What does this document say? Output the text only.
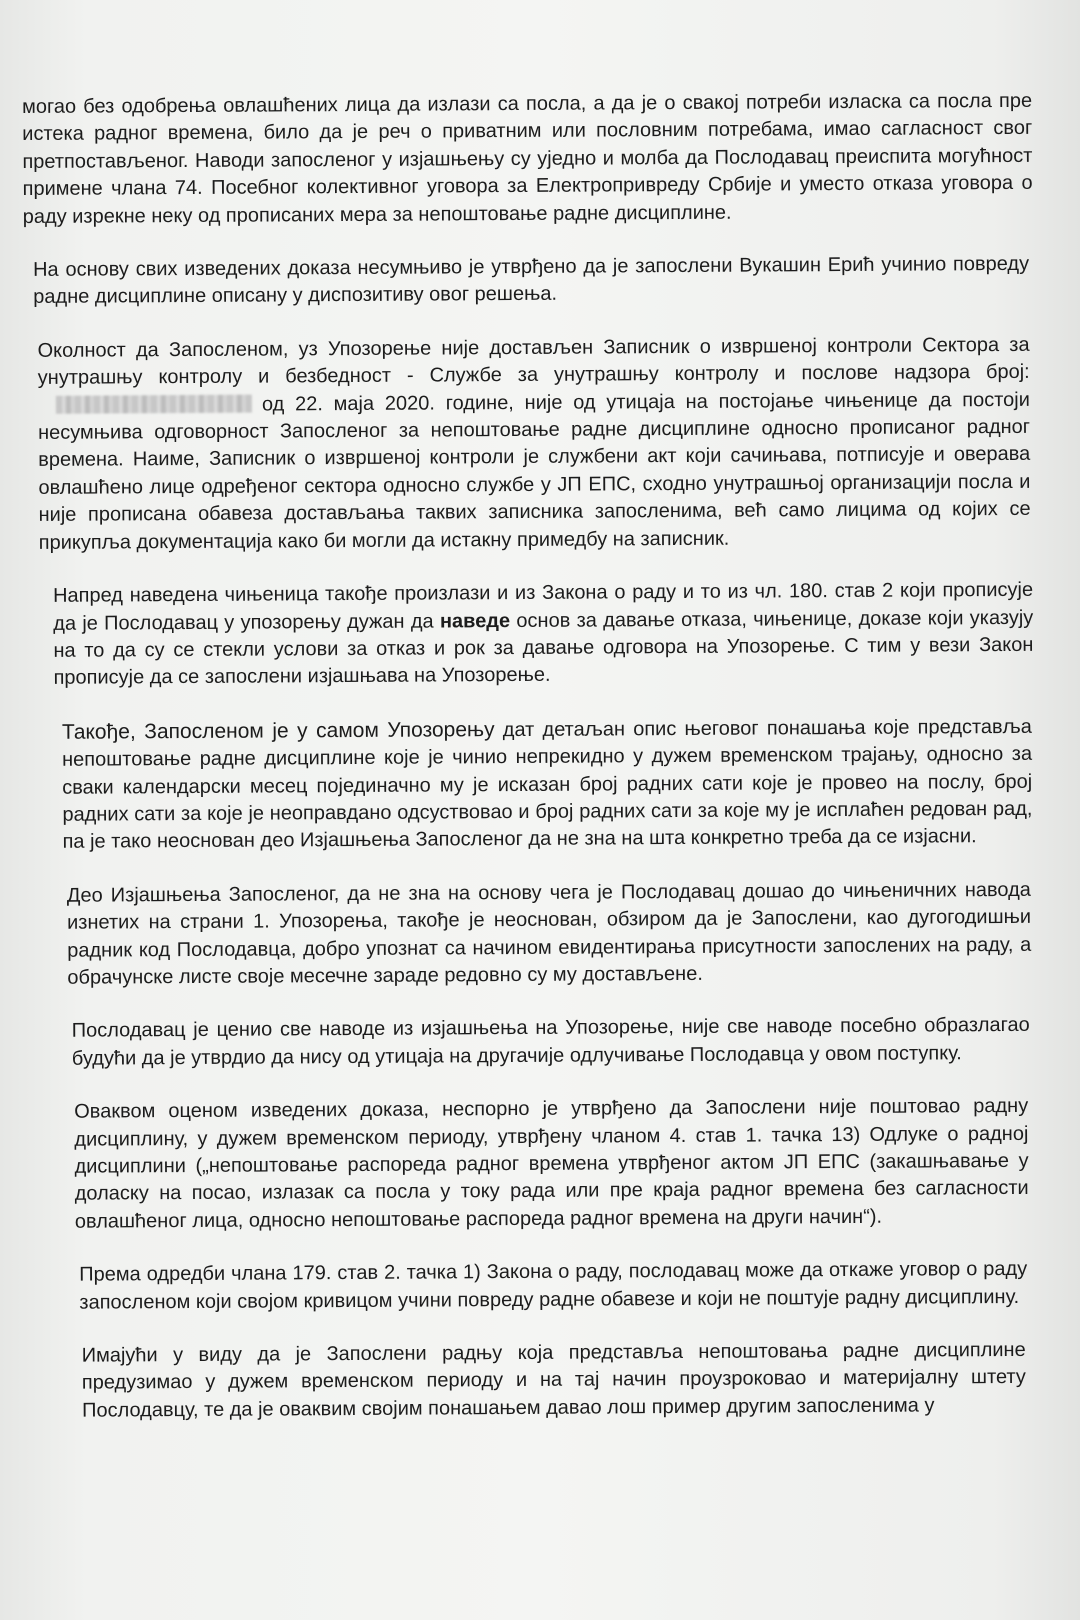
могао без одобрења овлашћених лица да излази са посла, а да је о свакој потреби изласка са посла пре истека радног времена, било да је реч о приватним или пословним потребама, имао сагласност свог претпостављеног. Наводи запосленог у изјашњењу су уједно и молба да Послодавац преиспита могућност примене члана 74. Посебног колективног уговора за Електропривреду Србије и уместо отказа уговора о раду изрекне неку од прописаних мера за непоштовање радне дисциплине.

На основу свих изведених доказа несумњиво је утврђено да је запослени Вукашин Ерић учинио повреду радне дисциплине описану у диспозитиву овог решења.

Околност да Запосленом, уз Упозорење није достављен Записник о извршеној контроли Сектора за унутрашњу контролу и безбедност - Службе за унутрашњу контролу и послове надзора број:од 22. маја 2020. године, није од утицаја на постојање чињенице да постоји несумњива одговорност Запосленог за непоштовање радне дисциплине односно прописаног радног времена. Наиме, Записник о извршеној контроли је службени акт који сачињава, потписује и оверава овлашћено лице одређеног сектора односно службе у ЈП ЕПС, сходно унутрашњој организацији посла и није прописана обавеза достављања таквих записника запосленима, већ само лицима од којих се прикупља документација како би могли да истакну примедбу на записник.

Напред наведена чињеница такође произлази и из Закона о раду и то из чл. 180. став 2 који прописује да је Послодавац у упозорењу дужан да наведе основ за давање отказа, чињенице, доказе који указују на то да су се стекли услови за отказ и рок за давање одговора на Упозорење. С тим у вези Закон прописује да се запослени изјашњава на Упозорење.

Такође, Запосленом је у самом Упозорењу дат детаљан опис његовог понашања које представља непоштовање радне дисциплине које је чинио непрекидно у дужем временском трајању, односно за сваки календарски месец појединачно му је исказан број радних сати које је провео на послу, број радних сати за које је неоправдано одсуствовао и број радних сати за које му је исплаћен редован рад, па је тако неоснован део Изјашњења Запосленог да не зна на шта конкретно треба да се изјасни.

Део Изјашњења Запосленог, да не зна на основу чега је Послодавац дошао до чињеничних навода изнетих на страни 1. Упозорења, такође је неоснован, обзиром да је Запослени, као дугогодишњи радник код Послодавца, добро упознат са начином евидентирања присутности запослених на раду, а обрачунске листе своје месечне зараде редовно су му достављене.

Послодавац је ценио све наводе из изјашњења на Упозорење, није све наводе посебно образлагао будући да је утврдио да нису од утицаја на другачије одлучивање Послодавца у овом поступку.

Оваквом оценом изведених доказа, неспорно је утврђено да Запослени није поштовао радну дисциплину, у дужем временском периоду, утврђену чланом 4. став 1. тачка 13) Одлуке о радној дисциплини („непоштовање распореда радног времена утврђеног актом ЈП ЕПС (закашњавање у доласку на посао, излазак са посла у току рада или пре краја радног времена без сагласности овлашћеног лица, односно непоштовање распореда радног времена на други начин“).

Према одредби члана 179. став 2. тачка 1) Закона о раду, послодавац може да откаже уговор о раду запосленом који својом кривицом учини повреду радне обавезе и који не поштује радну дисциплину.

Имајући у виду да је Запослени радњу која представља непоштовања радне дисциплине предузимао у дужем временском периоду и на тај начин проузроковао и материјалну штету Послодавцу, те да је оваквим својим понашањем давао лош пример другим запосленима у
